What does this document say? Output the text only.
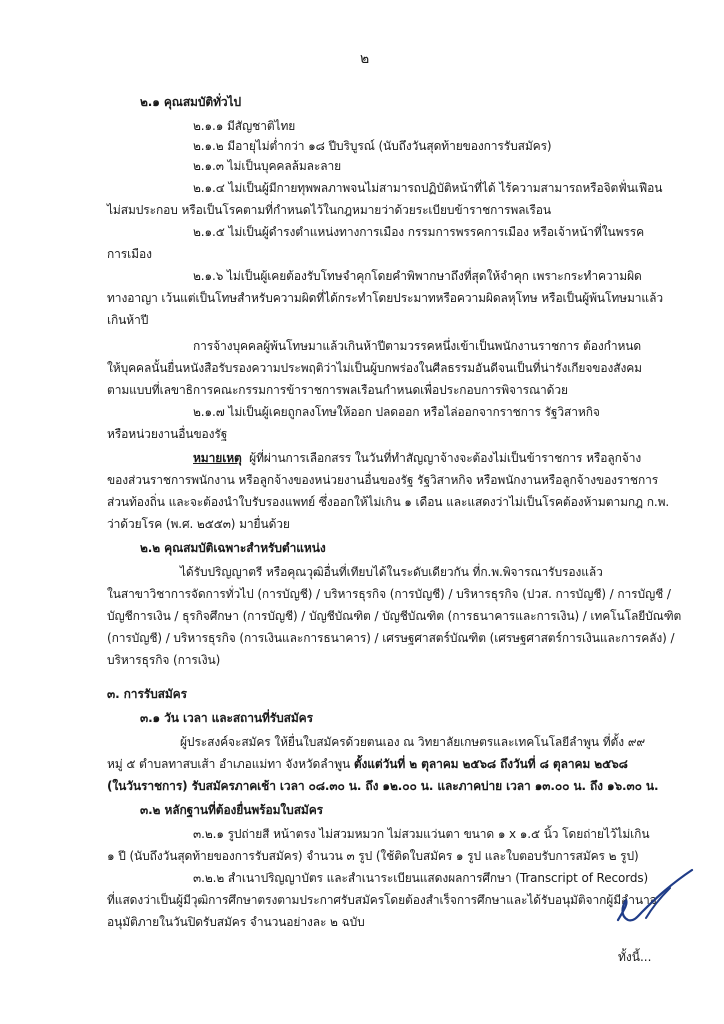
๒
๒.๑ คุณสมบัติทั่วไป
๒.๑.๑ มีสัญชาติไทย
๒.๑.๒ มีอายุไม่ต่ำกว่า ๑๘ ปีบริบูรณ์ (นับถึงวันสุดท้ายของการรับสมัคร)
๒.๑.๓ ไม่เป็นบุคคลล้มละลาย
๒.๑.๔ ไม่เป็นผู้มีกายทุพพลภาพจนไม่สามารถปฏิบัติหน้าที่ได้ ไร้ความสามารถหรือจิตฟั่นเฟือน
ไม่สมประกอบ หรือเป็นโรคตามที่กำหนดไว้ในกฎหมายว่าด้วยระเบียบข้าราชการพลเรือน
๒.๑.๕ ไม่เป็นผู้ดำรงตำแหน่งทางการเมือง กรรมการพรรคการเมือง หรือเจ้าหน้าที่ในพรรค
การเมือง
๒.๑.๖ ไม่เป็นผู้เคยต้องรับโทษจำคุกโดยคำพิพากษาถึงที่สุดให้จำคุก เพราะกระทำความผิด
ทางอาญา เว้นแต่เป็นโทษสำหรับความผิดที่ได้กระทำโดยประมาทหรือความผิดลหุโทษ หรือเป็นผู้พ้นโทษมาแล้ว
เกินห้าปี
การจ้างบุคคลผู้พ้นโทษมาแล้วเกินห้าปีตามวรรคหนึ่งเข้าเป็นพนักงานราชการ ต้องกำหนด
ให้บุคคลนั้นยื่นหนังสือรับรองความประพฤติว่าไม่เป็นผู้บกพร่องในศีลธรรมอันดีจนเป็นที่น่ารังเกียจของสังคม
ตามแบบที่เลขาธิการคณะกรรมการข้าราชการพลเรือนกำหนดเพื่อประกอบการพิจารณาด้วย
๒.๑.๗ ไม่เป็นผู้เคยถูกลงโทษให้ออก ปลดออก หรือไล่ออกจากราชการ รัฐวิสาหกิจ
หรือหน่วยงานอื่นของรัฐ
หมายเหตุ ผู้ที่ผ่านการเลือกสรร ในวันที่ทำสัญญาจ้างจะต้องไม่เป็นข้าราชการ หรือลูกจ้าง
ของส่วนราชการพนักงาน หรือลูกจ้างของหน่วยงานอื่นของรัฐ รัฐวิสาหกิจ หรือพนักงานหรือลูกจ้างของราชการ
ส่วนท้องถิ่น และจะต้องนำใบรับรองแพทย์ ซึ่งออกให้ไม่เกิน ๑ เดือน และแสดงว่าไม่เป็นโรคต้องห้ามตามกฎ ก.พ.
ว่าด้วยโรค (พ.ศ. ๒๕๕๓) มายื่นด้วย
๒.๒ คุณสมบัติเฉพาะสำหรับตำแหน่ง
ได้รับปริญญาตรี หรือคุณวุฒิอื่นที่เทียบได้ในระดับเดียวกัน ที่ก.พ.พิจารณารับรองแล้ว
ในสาขาวิชาการจัดการทั่วไป (การบัญชี) / บริหารธุรกิจ (การบัญชี) / บริหารธุรกิจ (ปวส. การบัญชี) / การบัญชี /
บัญชีการเงิน / ธุรกิจศึกษา (การบัญชี) / บัญชีบัณฑิต / บัญชีบัณฑิต (การธนาคารและการเงิน) / เทคโนโลยีบัณฑิต
(การบัญชี) / บริหารธุรกิจ (การเงินและการธนาคาร) / เศรษฐศาสตร์บัณฑิต (เศรษฐศาสตร์การเงินและการคลัง) /
บริหารธุรกิจ (การเงิน)
๓. การรับสมัคร
๓.๑ วัน เวลา และสถานที่รับสมัคร
ผู้ประสงค์จะสมัคร ให้ยื่นใบสมัครด้วยตนเอง ณ วิทยาลัยเกษตรและเทคโนโลยีลำพูน ที่ตั้ง ๙๙
หมู่ ๕ ตำบลทาสบเส้า อำเภอแม่ทา จังหวัดลำพูน ตั้งแต่วันที่ ๒ ตุลาคม ๒๕๖๘ ถึงวันที่ ๘ ตุลาคม ๒๕๖๘
(ในวันราชการ) รับสมัครภาคเช้า เวลา ๐๘.๓๐ น. ถึง ๑๒.๐๐ น. และภาคบ่าย เวลา ๑๓.๐๐ น. ถึง ๑๖.๓๐ น.
๓.๒ หลักฐานที่ต้องยื่นพร้อมใบสมัคร
๓.๒.๑ รูปถ่ายสี หน้าตรง ไม่สวมหมวก ไม่สวมแว่นตา ขนาด ๑ x ๑.๕ นิ้ว โดยถ่ายไว้ไม่เกิน
๑ ปี (นับถึงวันสุดท้ายของการรับสมัคร) จำนวน ๓ รูป (ใช้ติดใบสมัคร ๑ รูป และใบตอบรับการสมัคร ๒ รูป)
๓.๒.๒ สำเนาปริญญาบัตร และสำเนาระเบียนแสดงผลการศึกษา (Transcript of Records)
ที่แสดงว่าเป็นผู้มีวุฒิการศึกษาตรงตามประกาศรับสมัครโดยต้องสำเร็จการศึกษาและได้รับอนุมัติจากผู้มีอำนาจ
อนุมัติภายในวันปิดรับสมัคร จำนวนอย่างละ ๒ ฉบับ
ทั้งนี้...
